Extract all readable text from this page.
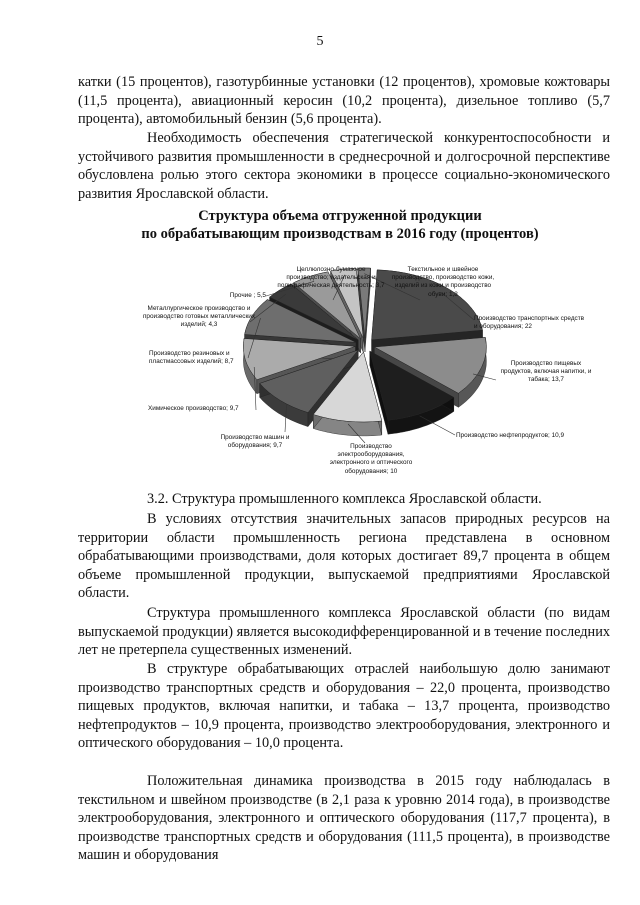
5

катки (15 процентов), газотурбинные установки (12 процентов), хромовые кожтовары (11,5 процента), авиационный керосин (10,2 процента), дизельное топливо (5,7 процента), автомобильный бензин (5,6 процента).

Необходимость обеспечения стратегической конкурентоспособности и устойчивого развития промышленности в среднесрочной и долгосрочной перспективе обусловлена ролью этого сектора экономики в процессе социально-экономического развития Ярославской области.

Структура объема отгруженной продукции
по обрабатывающим производствам в 2016 году (процентов)
Целлюлозно-бумажное производство; издательская и полиграфическая деятельность; 3,7
Текстильное и швейное производство, производство кожи, изделий из кожи и производство обуви; 1,8
Прочие ; 5,5
Металлургическое производство и производство готовых металлических изделий; 4,3
Производство транспортных средств и оборудования; 22
Производство резиновых и пластмассовых изделий; 8,7	Производство пищевых продуктов, включая напитки, и табака; 13,7
Химическое производство; 9,7
Производство машин и оборудования; 9,7
Производство нефтепродуктов; 10,9
Производство электрооборудования, электронного и оптического оборудования; 10
3.2. Структура промышленного комплекса Ярославской области.

В условиях отсутствия значительных запасов природных ресурсов на территории области промышленность региона представлена в основном обрабатывающими производствами, доля которых достигает 89,7 процента в общем объеме промышленной продукции, выпускаемой предприятиями Ярославской области.

Структура промышленного комплекса Ярославской области (по видам выпускаемой продукции) является высокодифференцированной и в течение последних лет не претерпела существенных изменений.

В структуре обрабатывающих отраслей наибольшую долю занимают производство транспортных средств и оборудования – 22,0 процента, производство пищевых продуктов, включая напитки, и табака – 13,7 процента, производство нефтепродуктов – 10,9 процента, производство электрооборудования, электронного и оптического оборудования – 10,0 процента.

Положительная динамика производства в 2015 году наблюдалась в текстильном и швейном производстве (в 2,1 раза к уровню 2014 года), в производстве электрооборудования, электронного и оптического оборудования (117,7 процента), в производстве транспортных средств и оборудования (111,5 процента), в производстве машин и оборудования
